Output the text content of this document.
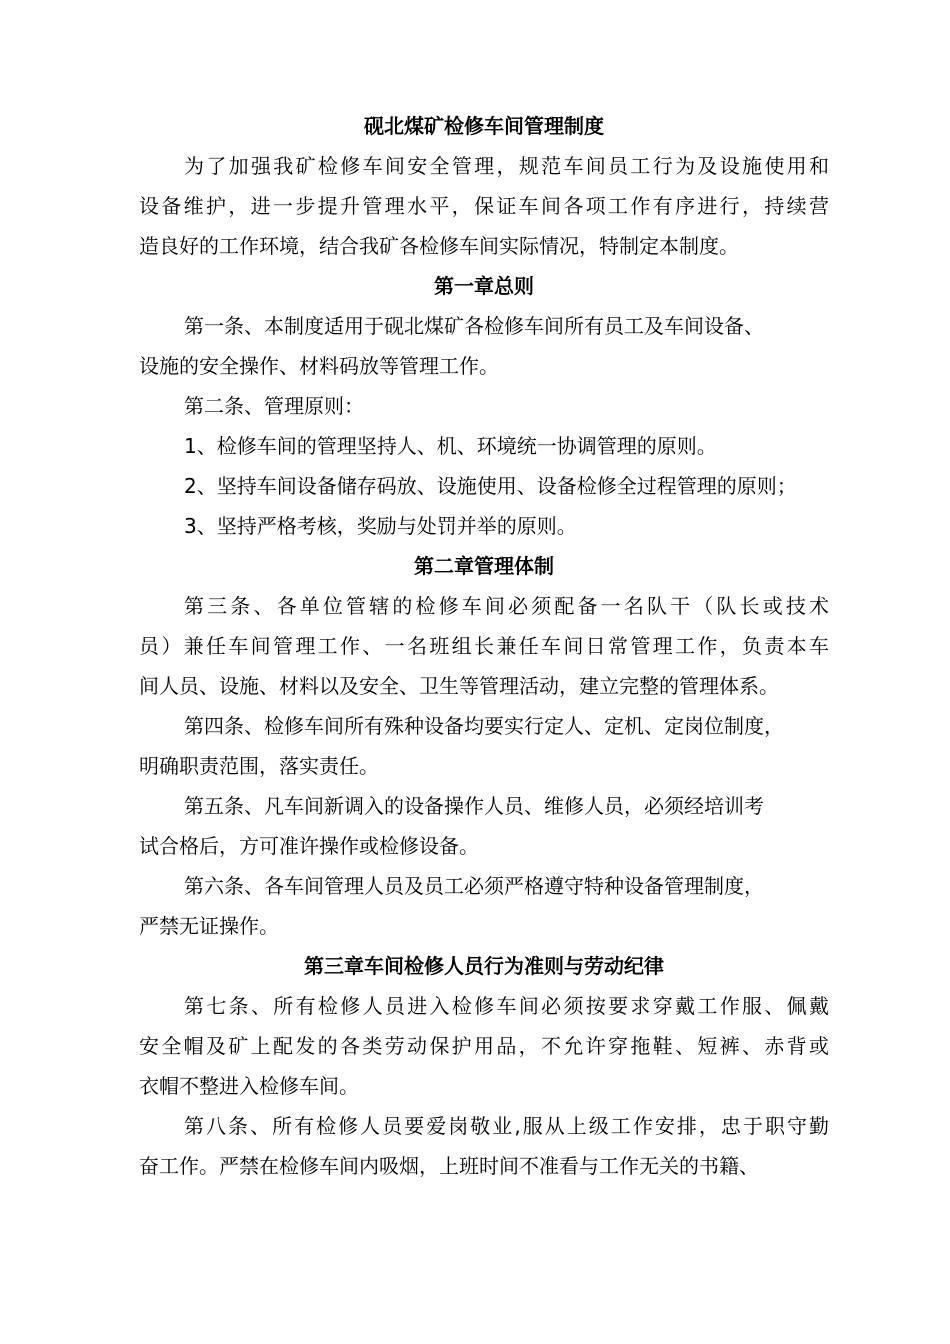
砚北煤矿检修车间管理制度

为了加强我矿检修车间安全管理，规范车间员工行为及设施使用和

设备维护，进一步提升管理水平，保证车间各项工作有序进行，持续营

造良好的工作环境，结合我矿各检修车间实际情况，特制定本制度。

第一章总则

第一条、本制度适用于砚北煤矿各检修车间所有员工及车间设备、

设施的安全操作、材料码放等管理工作。

第二条、管理原则：

1、检修车间的管理坚持人、机、环境统一协调管理的原则。

2、坚持车间设备储存码放、设施使用、设备检修全过程管理的原则；

3、坚持严格考核，奖励与处罚并举的原则。

第二章管理体制

第三条、各单位管辖的检修车间必须配备一名队干（队长或技术

员）兼任车间管理工作、一名班组长兼任车间日常管理工作，负责本车

间人员、设施、材料以及安全、卫生等管理活动，建立完整的管理体系。

第四条、检修车间所有殊种设备均要实行定人、定机、定岗位制度，

明确职责范围，落实责任。

第五条、凡车间新调入的设备操作人员、维修人员，必须经培训考

试合格后，方可准许操作或检修设备。

第六条、各车间管理人员及员工必须严格遵守特种设备管理制度，

严禁无证操作。

第三章车间检修人员行为准则与劳动纪律

第七条、所有检修人员进入检修车间必须按要求穿戴工作服、佩戴

安全帽及矿上配发的各类劳动保护用品，不允许穿拖鞋、短裤、赤背或

衣帽不整进入检修车间。

第八条、所有检修人员要爱岗敬业,服从上级工作安排，忠于职守勤

奋工作。严禁在检修车间内吸烟，上班时间不准看与工作无关的书籍、
